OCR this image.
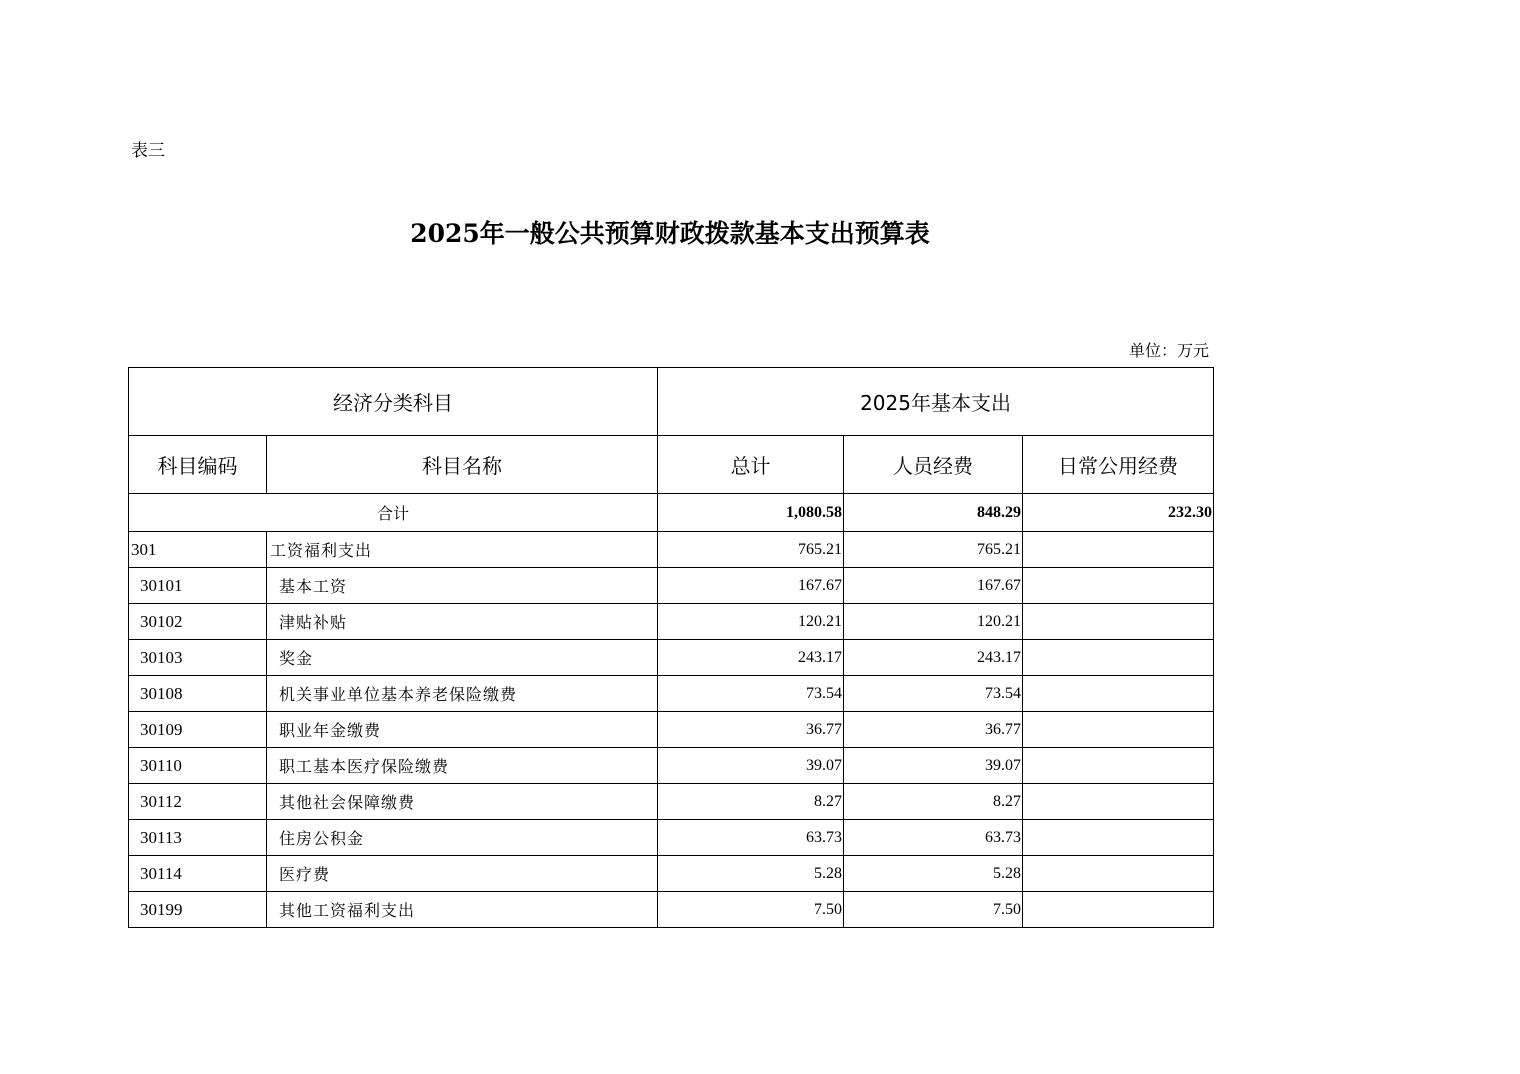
表三
2025年一般公共预算财政拨款基本支出预算表
单位：万元
经济分类科目		2025年基本支出		
科目编码	科目名称	总计	人员经费	日常公用经费
合计		1,080.58	848.29	232.30
301	工资福利支出	765.21	765.21	
30101	基本工资	167.67	167.67	
30102	津贴补贴	120.21	120.21	
30103	奖金	243.17	243.17	
30108	机关事业单位基本养老保险缴费	73.54	73.54	
30109	职业年金缴费	36.77	36.77	
30110	职工基本医疗保险缴费	39.07	39.07	
30112	其他社会保障缴费	8.27	8.27	
30113	住房公积金	63.73	63.73	
30114	医疗费	5.28	5.28	
30199	其他工资福利支出	7.50	7.50	
